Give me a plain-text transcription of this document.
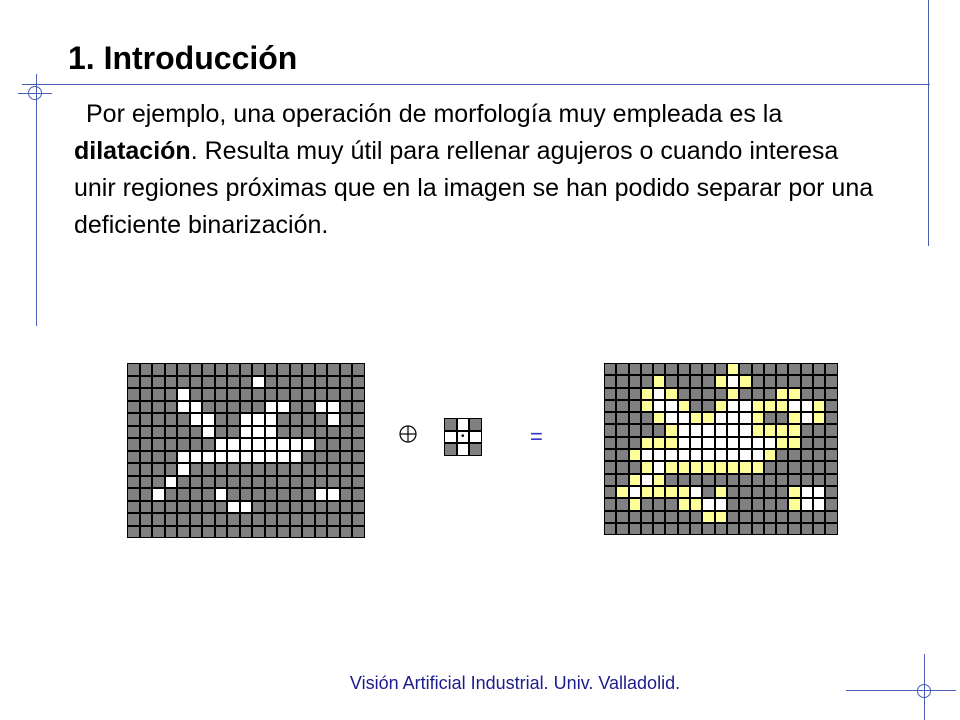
1. Introducción

Por ejemplo, una operación de morfología muy empleada es la dilatación. Resulta muy útil para rellenar agujeros o cuando interesa unir regiones próximas que en la imagen se han podido separar por una deficiente binarización.

•	=
Visión Artificial Industrial. Univ. Valladolid.
